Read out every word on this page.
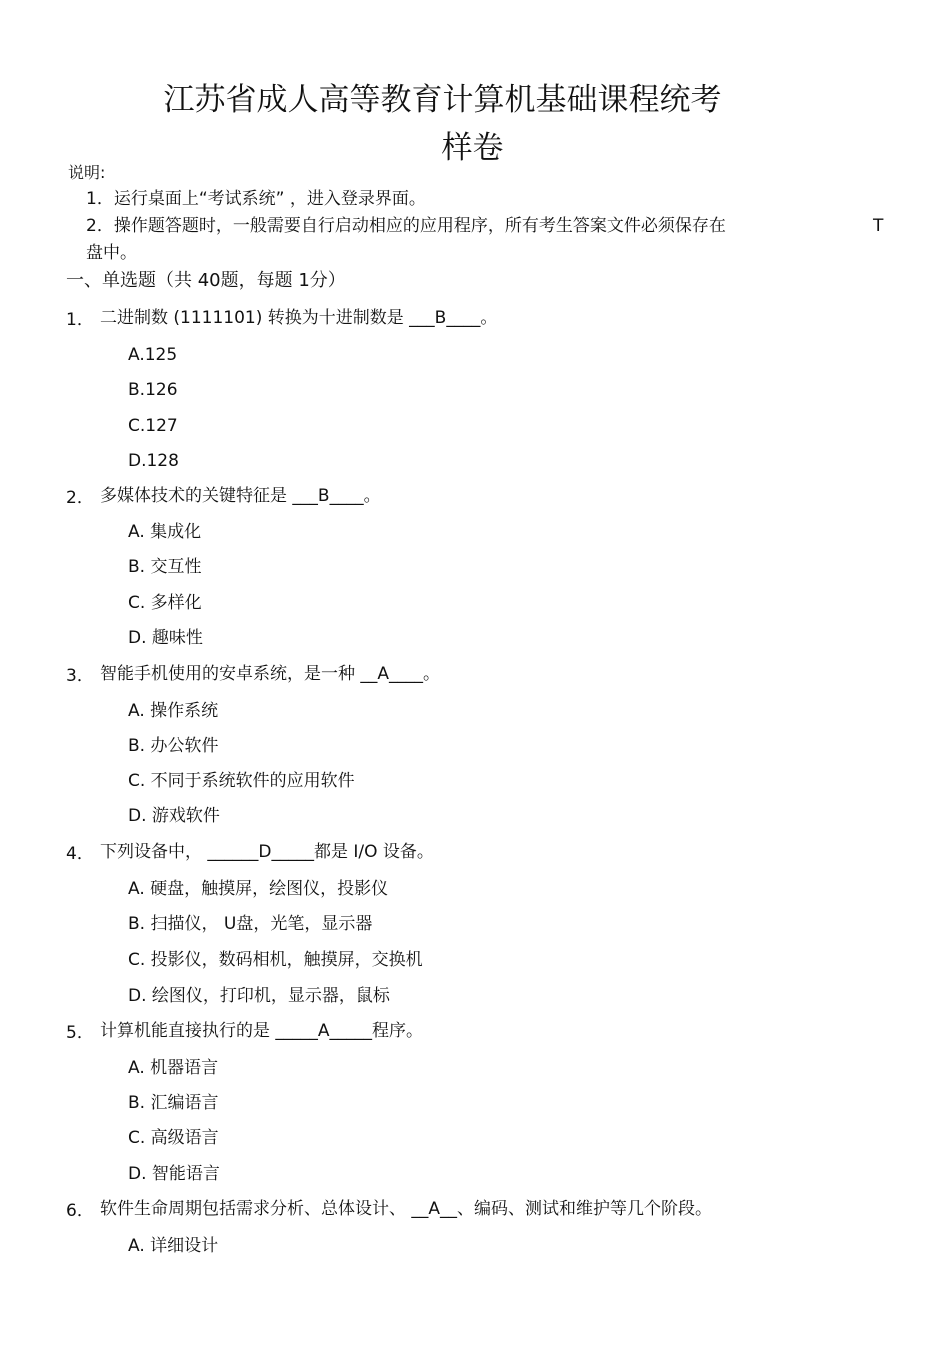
江苏省成人高等教育计算机基础课程统考
样卷
说明:
1．运行桌面上“考试系统” ，进入登录界面。
2．操作题答题时，一般需要自行启动相应的应用程序，所有考生答案文件必须保存在	T
盘中。
一、单选题（共 40题，每题 1分）
1． 二进制数 (1111101) 转换为十进制数是 ___B____。
A.125
B.126
C.127
D.128
2． 多媒体技术的关键特征是 ___B____。
A. 集成化
B. 交互性
C. 多样化
D. 趣味性
3． 智能手机使用的安卓系统，是一种 __A____。
A. 操作系统
B. 办公软件
C. 不同于系统软件的应用软件
D. 游戏软件
4． 下列设备中， ______D_____都是 I/O 设备。
A. 硬盘，触摸屏，绘图仪，投影仪
B. 扫描仪， U盘，光笔，显示器
C. 投影仪，数码相机，触摸屏，交换机
D. 绘图仪，打印机，显示器，鼠标
5． 计算机能直接执行的是 _____A_____程序。
A. 机器语言
B. 汇编语言
C. 高级语言
D. 智能语言
6． 软件生命周期包括需求分析、总体设计、 __A__、编码、测试和维护等几个阶段。
A. 详细设计
